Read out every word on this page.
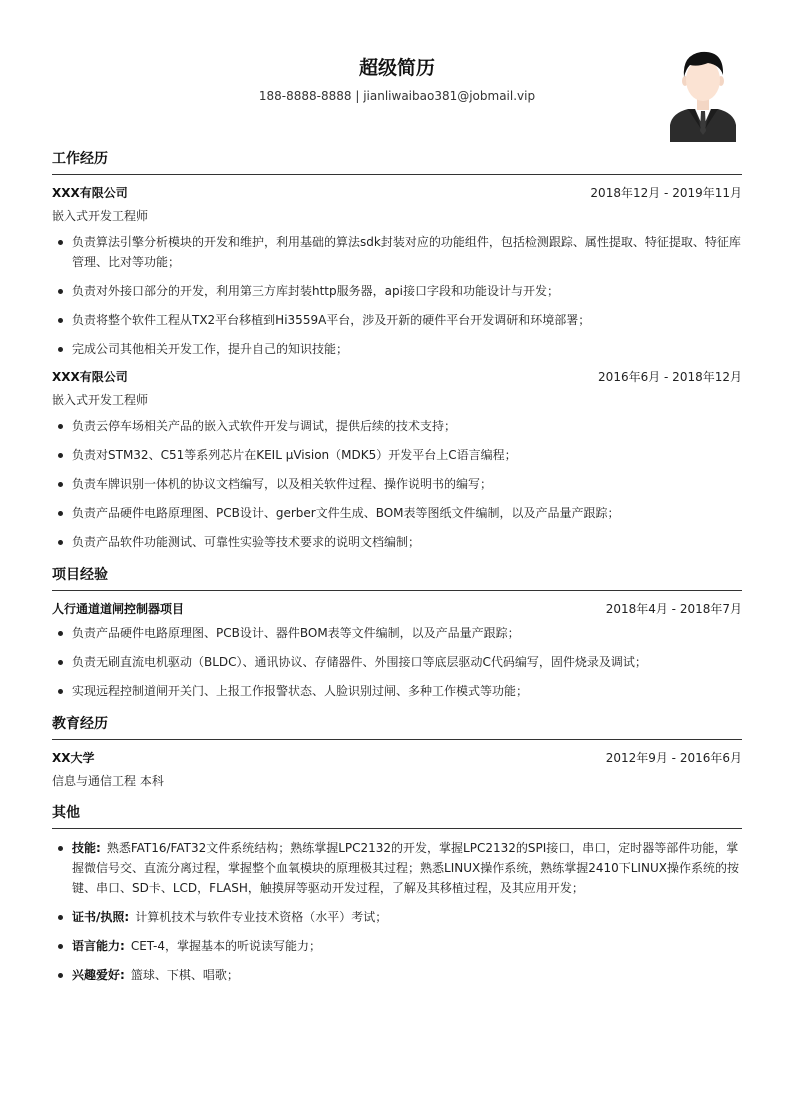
超级简历
188-8888-8888 | jianliwaibao381@jobmail.vip
工作经历
XXX有限公司	2018年12月 - 2019年11月
嵌入式开发工程师
负责算法引擎分析模块的开发和维护，利用基础的算法sdk封装对应的功能组件，包括检测跟踪、属性提取、特征提取、特征库管理、比对等功能；
负责对外接口部分的开发，利用第三方库封装http服务器，api接口字段和功能设计与开发；
负责将整个软件工程从TX2平台移植到Hi3559A平台，涉及开新的硬件平台开发调研和环境部署；
完成公司其他相关开发工作，提升自己的知识技能；
XXX有限公司	2016年6月 - 2018年12月
嵌入式开发工程师
负责云停车场相关产品的嵌入式软件开发与调试，提供后续的技术支持；
负责对STM32、C51等系列芯片在KEIL μVision（MDK5）开发平台上C语言编程；
负责车牌识别一体机的协议文档编写，以及相关软件过程、操作说明书的编写；
负责产品硬件电路原理图、PCB设计、gerber文件生成、BOM表等图纸文件编制，以及产品量产跟踪；
负责产品软件功能测试、可靠性实验等技术要求的说明文档编制；
项目经验
人行通道道闸控制器项目	2018年4月 - 2018年7月
负责产品硬件电路原理图、PCB设计、器件BOM表等文件编制，以及产品量产跟踪；
负责无刷直流电机驱动（BLDC）、通讯协议、存储器件、外围接口等底层驱动C代码编写，固件烧录及调试；
实现远程控制道闸开关门、上报工作报警状态、人脸识别过闸、多种工作模式等功能；
教育经历
XX大学	2012年9月 - 2016年6月
信息与通信工程 本科
其他
技能: 熟悉FAT16/FAT32文件系统结构；熟练掌握LPC2132的开发，掌握LPC2132的SPI接口，串口，定时器等部件功能，掌握微信号交、直流分离过程，掌握整个血氧模块的原理极其过程；熟悉LINUX操作系统，熟练掌握2410下LINUX操作系统的按键、串口、SD卡、LCD，FLASH，触摸屏等驱动开发过程，了解及其移植过程，及其应用开发；
证书/执照: 计算机技术与软件专业技术资格（水平）考试；
语言能力: CET-4，掌握基本的听说读写能力；
兴趣爱好: 篮球、下棋、唱歌；
